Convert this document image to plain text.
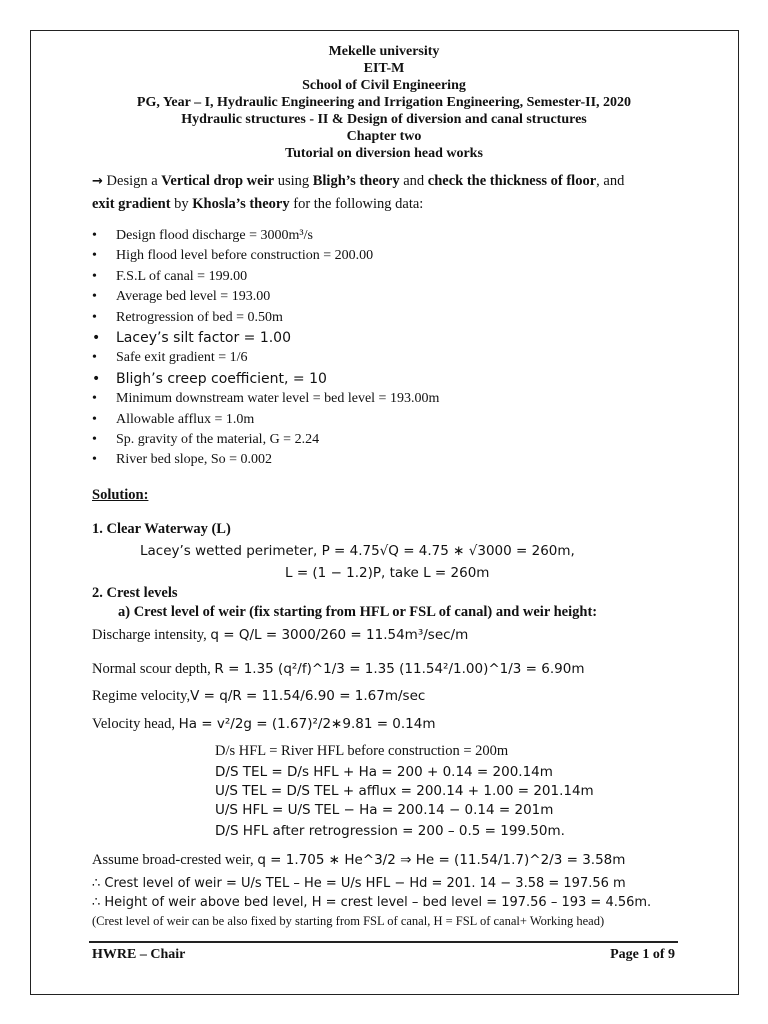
Mekelle university
EIT-M
School of Civil Engineering
PG, Year – I, Hydraulic Engineering and Irrigation Engineering, Semester-II, 2020
Hydraulic structures - II & Design of diversion and canal structures
Chapter two
Tutorial on diversion head works
→ Design a Vertical drop weir using Bligh’s theory and check the thickness of floor, and
exit gradient by Khosla’s theory for the following data:
• Design flood discharge = 3000m³/s
• High flood level before construction = 200.00
• F.S.L of canal = 199.00
• Average bed level = 193.00
• Retrogression of bed = 0.50m
• Lacey’s silt factor = 1.00
• Safe exit gradient = 1/6
• Bligh’s creep coefficient, = 10
• Minimum downstream water level = bed level = 193.00m
• Allowable afflux = 1.0m
• Sp. gravity of the material, G = 2.24
• River bed slope, So = 0.002
Solution:
1. Clear Waterway (L)
Lacey’s wetted perimeter, P = 4.75√Q = 4.75 ∗ √3000 = 260m,
L = (1 − 1.2)P, take L = 260m
2. Crest levels
a) Crest level of weir (fix starting from HFL or FSL of canal) and weir height:
Discharge intensity, q = Q/L = 3000/260 = 11.54m³/sec/m
Normal scour depth, R = 1.35 (q²/f)^1/3 = 1.35 (11.54²/1.00)^1/3 = 6.90m
Regime velocity,V = q/R = 11.54/6.90 = 1.67m/sec
Velocity head, Ha = v²/2g = (1.67)²/2∗9.81 = 0.14m
D/s HFL = River HFL before construction = 200m
D/S TEL = D/s HFL + Ha = 200 + 0.14 = 200.14m
U/S TEL = D/S TEL + afflux = 200.14 + 1.00 = 201.14m
U/S HFL = U/S TEL − Ha = 200.14 − 0.14 = 201m
D/S HFL after retrogression = 200 – 0.5 = 199.50m.
Assume broad-crested weir, q = 1.705 ∗ He^3/2 ⇒ He = (11.54/1.7)^2/3 = 3.58m
∴ Crest level of weir = U/s TEL – He = U/s HFL − Hd = 201. 14 − 3.58 = 197.56 m
∴ Height of weir above bed level, H = crest level – bed level = 197.56 – 193 = 4.56m.
(Crest level of weir can be also fixed by starting from FSL of canal, H = FSL of canal+ Working head)
HWRE – Chair	Page 1 of 9
